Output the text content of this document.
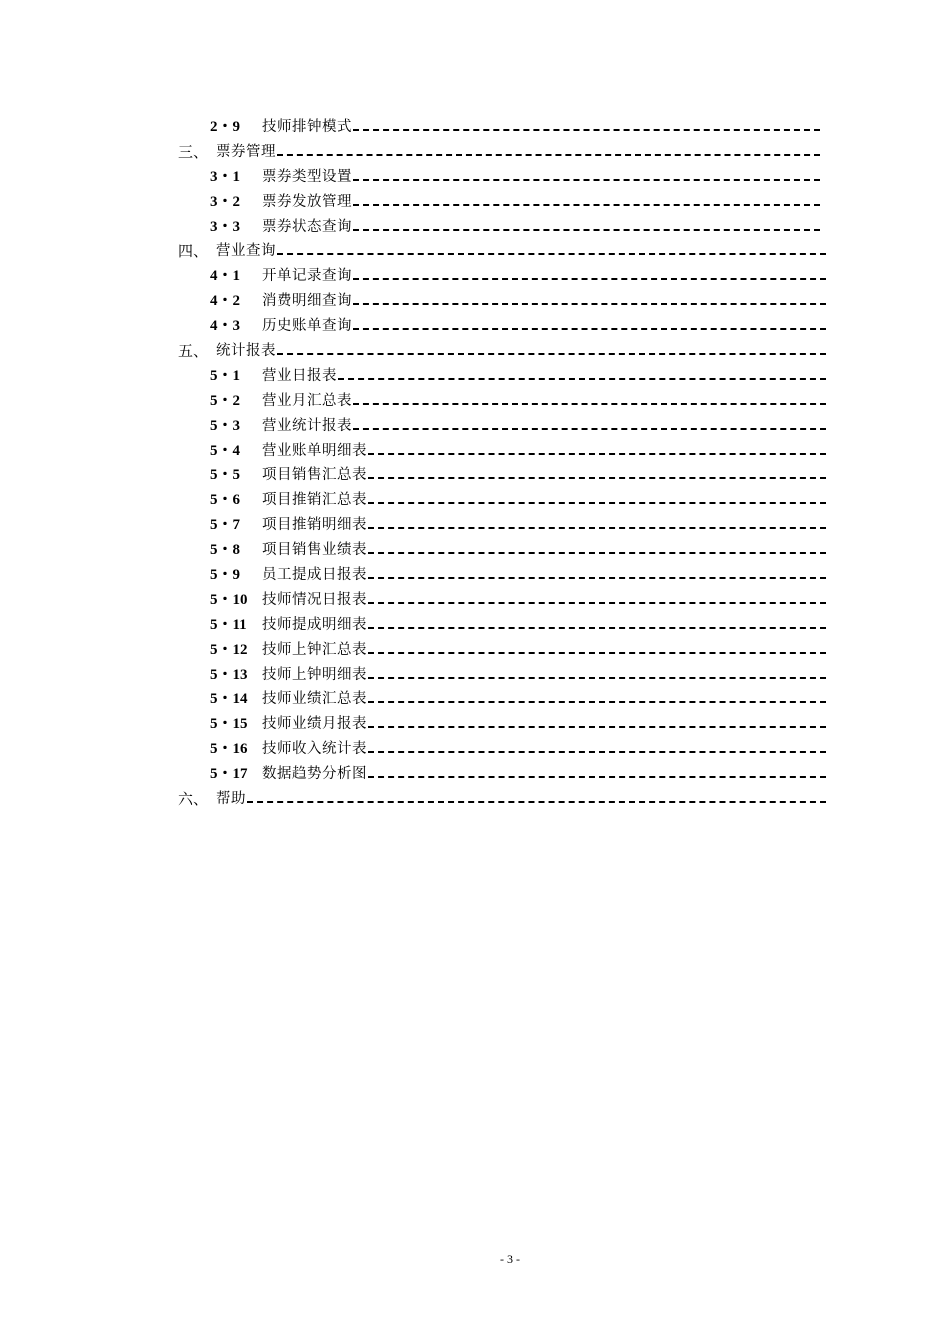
2・9	技师排钟模式
三、 票券管理
3・1	票券类型设置
3・2	票券发放管理
3・3	票券状态查询
四、 营业查询
4・1	开单记录查询
4・2	消费明细查询
4・3	历史账单查询
五、 统计报表
5・1	营业日报表
5・2	营业月汇总表
5・3	营业统计报表
5・4	营业账单明细表
5・5	项目销售汇总表
5・6	项目推销汇总表
5・7	项目推销明细表
5・8	项目销售业绩表
5・9	员工提成日报表
5・10 技师情况日报表
5・11	技师提成明细表
5・12 技师上钟汇总表
5・13 技师上钟明细表
5・14 技师业绩汇总表
5・15 技师业绩月报表
5・16 技师收入统计表
5・17 数据趋势分析图
六、 帮助
- 3 -
